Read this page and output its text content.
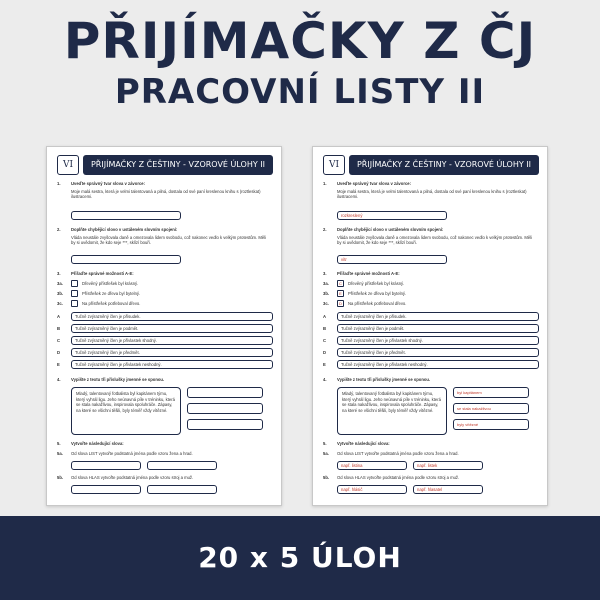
PŘIJÍMAČKY Z ČJ
PRACOVNÍ LISTY II
VI	PŘIJÍMAČKY Z ČEŠTINY - VZOROVÉ ÚLOHY II
1.	Uveďte správný tvar slova v závorce:
Moje malá sestra, která je velmi talentovaná a pilná, dostala od své paní kreslenou knihu s (roztleskat) ilustracemi.
2.	Doplňte chybějící slovo v ustáleném slovním spojení:
Vláda neustále zvyšovala daně a omezovala lidem svobodu, což nakonec vedlo k velkým protestům. Měli by si uvědomit, že kdo seje ***, sklízí bouři.
3.	Přiřaďte správné možnosti A-E:
3a.	Dřevěný přístřešek byl krásný.
3b.	Přístřešek ze dřeva byl bytelný.
3c.	Na přístřešek potřeboval dřevo.
A	Tučně zvýrazněný člen je přísudek.
B	Tučně zvýrazněný člen je podmět.
C	Tučně zvýrazněný člen je přívlastek shodný.
D	Tučně zvýrazněný člen je předmět.
E	Tučně zvýrazněný člen je přívlastek neshodný.
4.	Vypište z textu tři příslušky jmenné se sponou.
Mladý, talentovaný fotbalista byl kapitánem týmu, který vyhrál ligu. Jeho neúnavná píle v tréninku, která se stala nakažlivou, inspirovala spoluhráče. Zápasy, na které se všichni těšili, byly téměř vždy vítězné.
5.	Vytvořte následující slova:
5a. Od slova LIST vytvořte podstatná jména podle vzoru žena a hrad.
5b. Od slova HLAS vytvořte podstatná jména podle vzoru stroj a muž.
VI	PŘIJÍMAČKY Z ČEŠTINY - VZOROVÉ ÚLOHY II
1.	Uveďte správný tvar slova v závorce:
Moje malá sestra, která je velmi talentovaná a pilná, dostala od své paní kreslenou knihu s (roztleskat) ilustracemi.
rozkreslený
2.	Doplňte chybějící slovo v ustáleném slovním spojení:
Vláda neustále zvyšovala daně a omezovala lidem svobodu, což nakonec vedlo k velkým protestům. Měli by si uvědomit, že kdo seje ***, sklízí bouři.
vítr
3.	Přiřaďte správné možnosti A-E:
3a.	C	Dřevěný přístřešek byl krásný.
3b.	E	Přístřešek ze dřeva byl bytelný.
3c.	D	Na přístřešek potřeboval dřevo.
A	Tučně zvýrazněný člen je přísudek.
B	Tučně zvýrazněný člen je podmět.
C	Tučně zvýrazněný člen je přívlastek shodný.
D	Tučně zvýrazněný člen je předmět.
E	Tučně zvýrazněný člen je přívlastek neshodný.
4.	Vypište z textu tři příslušky jmenné se sponou.
Mladý, talentovaný fotbalista byl kapitánem týmu, který vyhrál ligu. Jeho neúnavná píle v tréninku, která se stala nakažlivou, inspirovala spoluhráče. Zápasy, na které se všichni těšili, byly téměř vždy vítězné.
byl kapitánem
se stala nakažlivou
byly vítězné
5.	Vytvořte následující slova:
5a. Od slova LIST vytvořte podstatná jména podle vzoru žena a hrad.
např. listina	např. listek
5b. Od slova HLAS vytvořte podstatná jména podle vzoru stroj a muž.
např. hlásič	např. hlasatel
20 x 5 ÚLOH
